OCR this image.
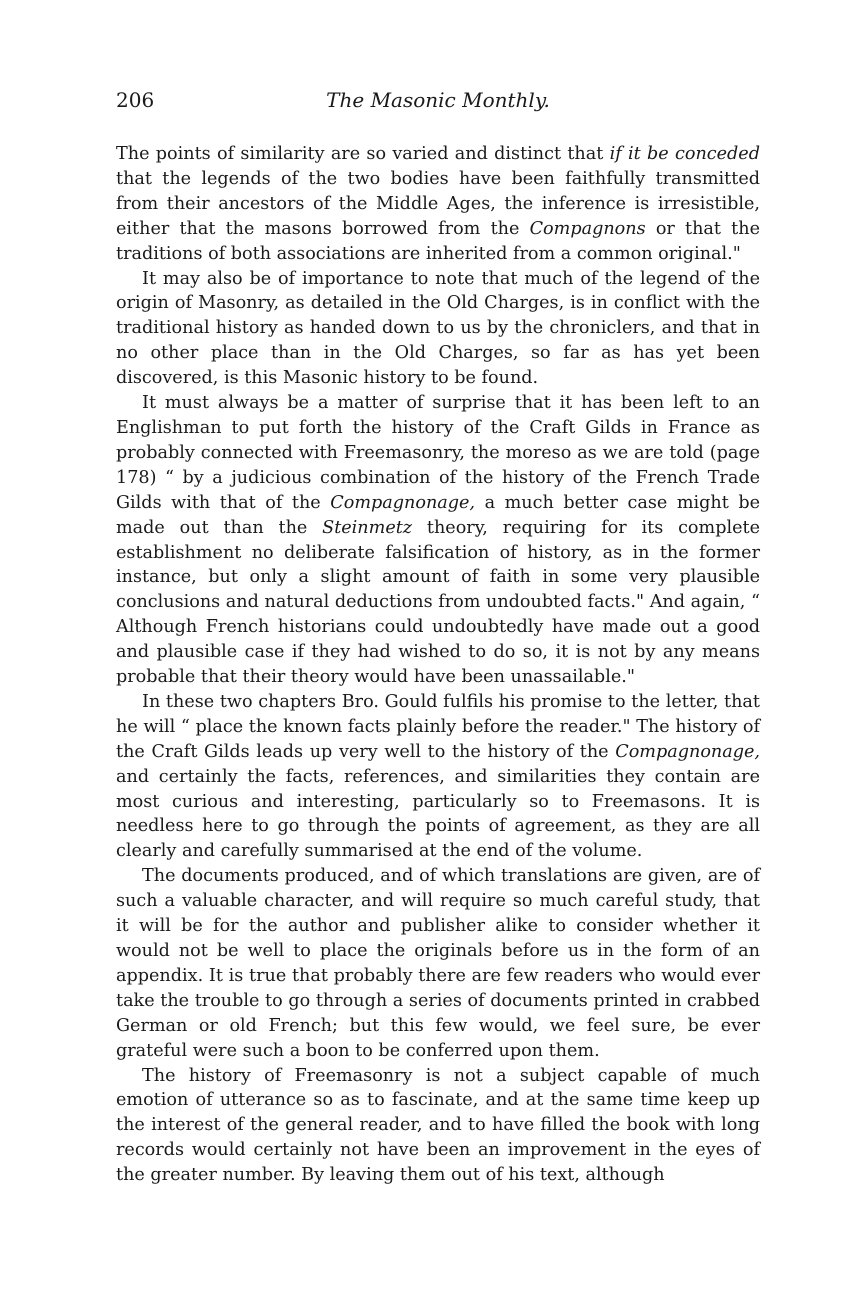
206	The Masonic Monthly.

The points of similarity are so varied and distinct that if it be conceded that the legends of the two bodies have been faithfully transmitted from their ancestors of the Middle Ages, the inference is irresistible, either that the masons borrowed from the Compagnons or that the traditions of both associations are inherited from a common original."

It may also be of importance to note that much of the legend of the origin of Masonry, as detailed in the Old Charges, is in conflict with the traditional history as handed down to us by the chroniclers, and that in no other place than in the Old Charges, so far as has yet been discovered, is this Masonic history to be found.

It must always be a matter of surprise that it has been left to an Englishman to put forth the history of the Craft Gilds in France as probably connected with Freemasonry, the moreso as we are told (page 178) “ by a judicious combination of the history of the French Trade Gilds with that of the Compagnonage, a much better case might be made out than the Steinmetz theory, requiring for its complete establishment no deliberate falsification of history, as in the former instance, but only a slight amount of faith in some very plausible conclusions and natural deductions from undoubted facts." And again, “ Although French historians could undoubtedly have made out a good and plausible case if they had wished to do so, it is not by any means probable that their theory would have been unassailable."

In these two chapters Bro. Gould fulfils his promise to the letter, that he will “ place the known facts plainly before the reader." The history of the Craft Gilds leads up very well to the history of the Compagnonage, and certainly the facts, references, and similarities they contain are most curious and interesting, particularly so to Freemasons. It is needless here to go through the points of agreement, as they are all clearly and carefully summarised at the end of the volume.

The documents produced, and of which translations are given, are of such a valuable character, and will require so much careful study, that it will be for the author and publisher alike to consider whether it would not be well to place the originals before us in the form of an appendix. It is true that probably there are few readers who would ever take the trouble to go through a series of documents printed in crabbed German or old French; but this few would, we feel sure, be ever grateful were such a boon to be conferred upon them.

The history of Freemasonry is not a subject capable of much emotion of utterance so as to fascinate, and at the same time keep up the interest of the general reader, and to have filled the book with long records would certainly not have been an improvement in the eyes of the greater number. By leaving them out of his text, although
